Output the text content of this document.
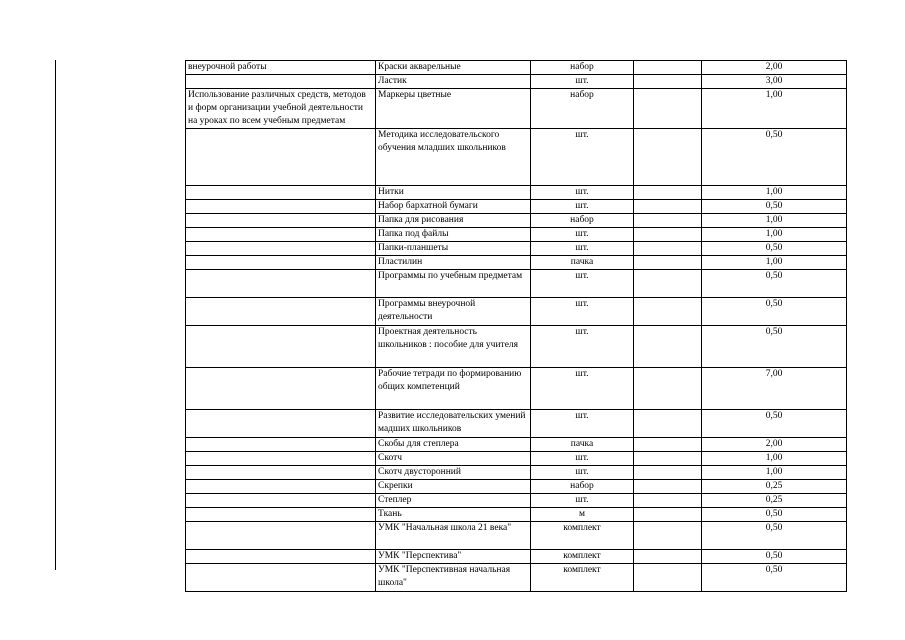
внеурочной работы	Краски акварельные	набор		2,00
	Ластик	шт.		3,00
Использование различных средств, методов и форм организации учебной деятельности на уроках по всем учебным предметам	Маркеры цветные	набор		1,00
	Методика исследовательского обучения младших школьников	шт.		0,50
	Нитки	шт.		1,00
	Набор бархатной бумаги	шт.		0,50
	Папка для рисования	набор		1,00
	Папка под файлы	шт.		1,00
	Папки-планшеты	шт.		0,50
	Пластилин	пачка		1,00
	Программы по учебным предметам	шт.		0,50
	Программы внеурочной деятельности	шт.		0,50
	Проектная деятельность школьников : пособие для учителя	шт.		0,50
	Рабочие тетради по формированию общих компетенций	шт.		7,00
	Развитие исследовательских умений мадших школьников	шт.		0,50
	Скобы для степлера	пачка		2,00
	Скотч	шт.		1,00
	Скотч двусторонний	шт.		1,00
	Скрепки	набор		0,25
	Степлер	шт.		0,25
	Ткань	м		0,50
	УМК "Начальная школа 21 века"	комплект		0,50
	УМК "Перспектива"	комплект		0,50
	УМК "Перспективная начальная школа"	комплект		0,50
